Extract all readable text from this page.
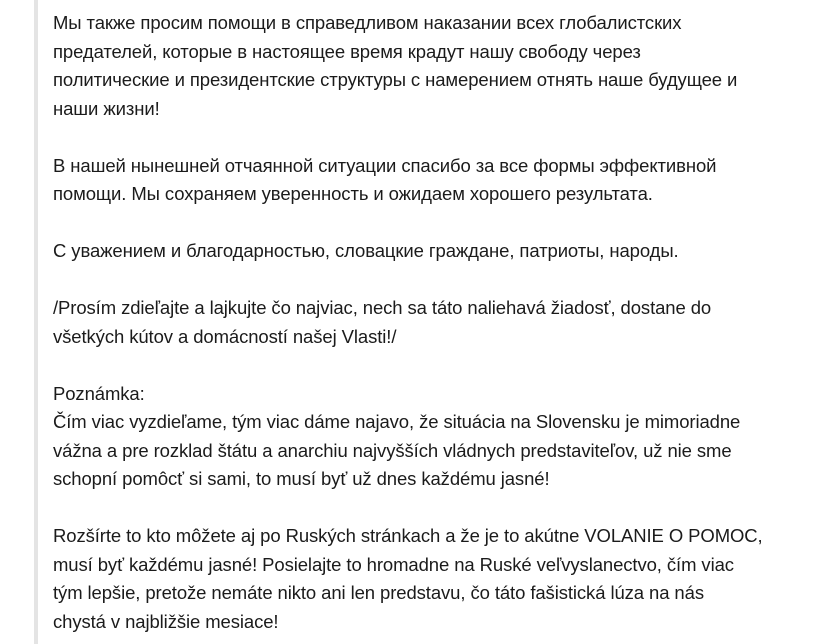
Мы также просим помощи в справедливом наказании всех глобалистских
предателей, которые в настоящее время крадут нашу свободу через
политические и президентские структуры с намерением отнять наше будущее и
наши жизни!

В нашей нынешней отчаянной ситуации спасибо за все формы эффективной
помощи. Мы сохраняем уверенность и ожидаем хорошего результата.

С уважением и благодарностью, словацкие граждане, патриоты, народы.

/Prosím zdieľajte a lajkujte čo najviac, nech sa táto naliehavá žiadosť, dostane do
všetkých kútov a domácností našej Vlasti!/

Poznámka:

Čím viac vyzdieľame, tým viac dáme najavo, že situácia na Slovensku je mimoriadne
vážna a pre rozklad štátu a anarchiu najvyšších vládnych predstaviteľov, už nie sme
schopní pomôcť si sami, to musí byť už dnes každému jasné!

Rozšírte to kto môžete aj po Ruských stránkach a že je to akútne VOLANIE O POMOC,
musí byť každému jasné! Posielajte to hromadne na Ruské veľvyslanectvo, čím viac
tým lepšie, pretože nemáte nikto ani len predstavu, čo táto fašistická lúza na nás
chystá v najbližšie mesiace!
